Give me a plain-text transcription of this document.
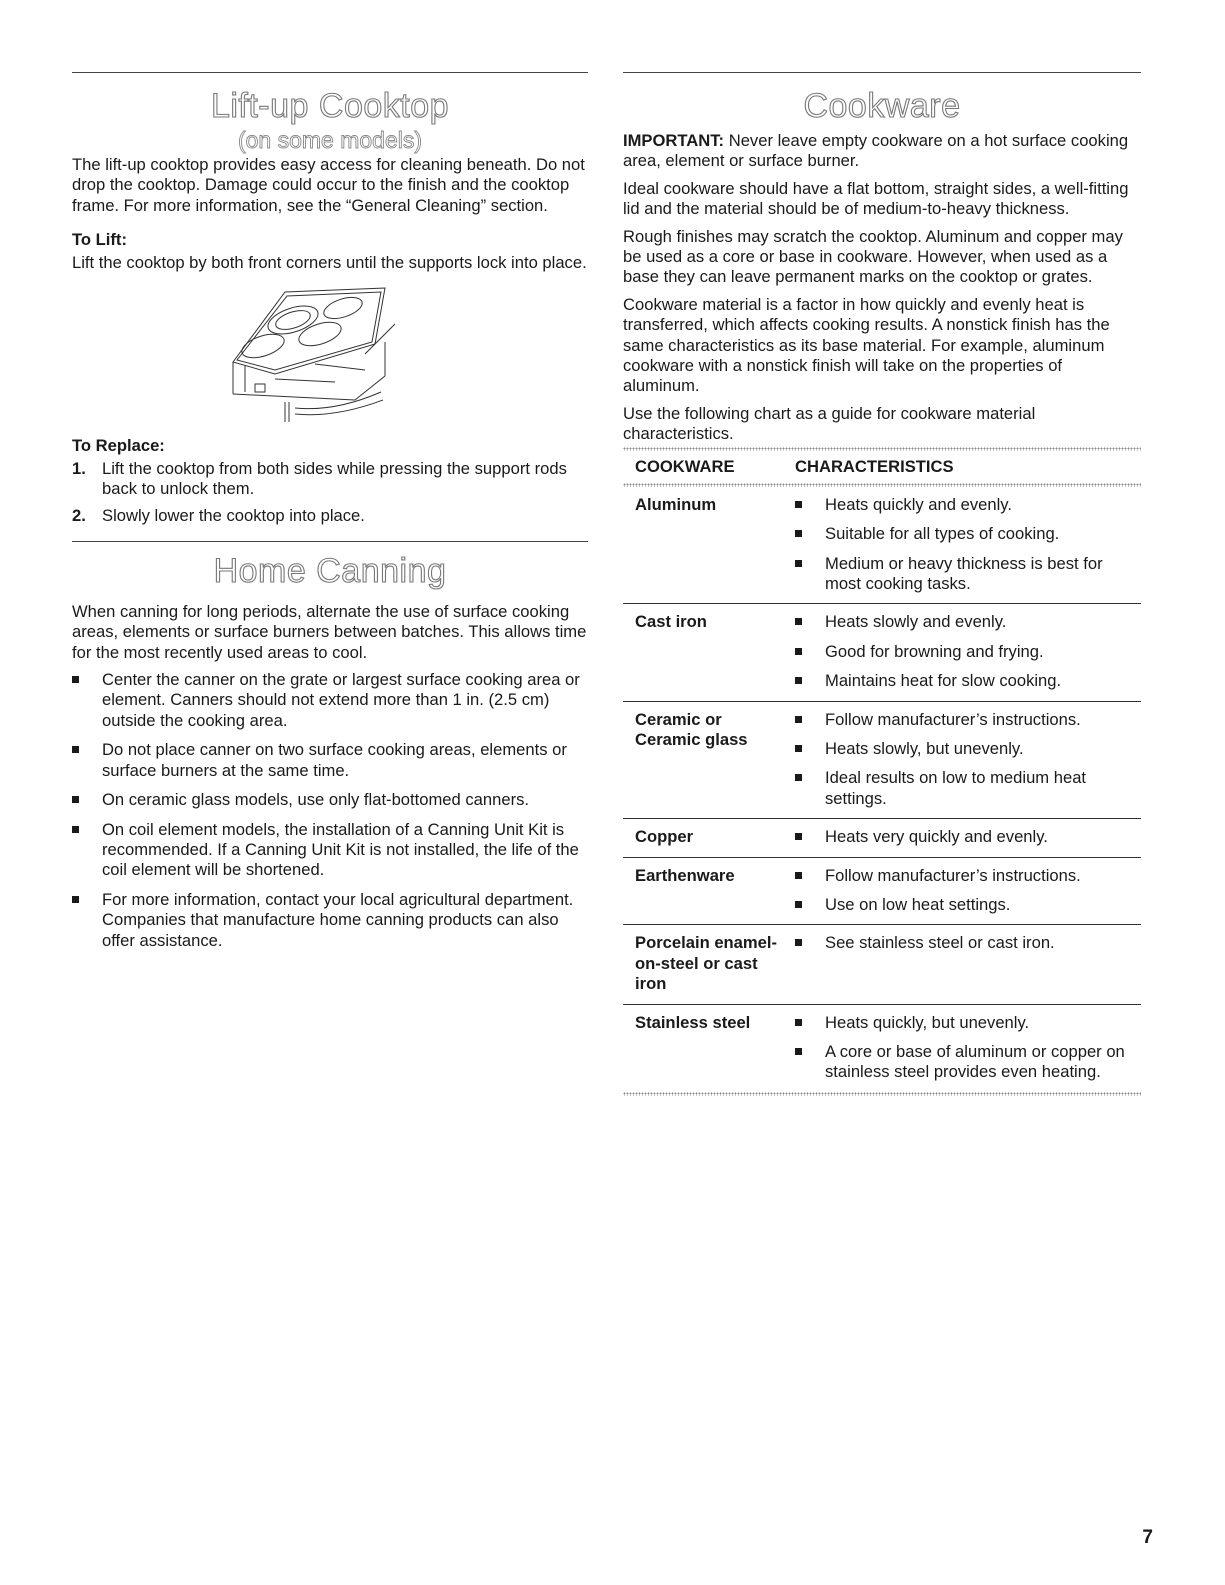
Lift-up Cooktop
(on some models)

The lift-up cooktop provides easy access for cleaning beneath. Do not drop the cooktop. Damage could occur to the finish and the cooktop frame. For more information, see the “General Cleaning” section.

To Lift:

Lift the cooktop by both front corners until the supports lock into place.

To Replace:
1. Lift the cooktop from both sides while pressing the support rods back to unlock them.
2. Slowly lower the cooktop into place.
Home Canning

When canning for long periods, alternate the use of surface cooking areas, elements or surface burners between batches. This allows time for the most recently used areas to cool.

Center the canner on the grate or largest surface cooking area or element. Canners should not extend more than 1 in. (2.5 cm) outside the cooking area.
Do not place canner on two surface cooking areas, elements or surface burners at the same time.
On ceramic glass models, use only flat-bottomed canners.
On coil element models, the installation of a Canning Unit Kit is recommended. If a Canning Unit Kit is not installed, the life of the coil element will be shortened.
For more information, contact your local agricultural department. Companies that manufacture home canning products can also offer assistance.
Cookware

IMPORTANT: Never leave empty cookware on a hot surface cooking area, element or surface burner.

Ideal cookware should have a flat bottom, straight sides, a well-fitting lid and the material should be of medium-to-heavy thickness.

Rough finishes may scratch the cooktop. Aluminum and copper may be used as a core or base in cookware. However, when used as a base they can leave permanent marks on the cooktop or grates.

Cookware material is a factor in how quickly and evenly heat is transferred, which affects cooking results. A nonstick finish has the same characteristics as its base material. For example, aluminum cookware with a nonstick finish will take on the properties of aluminum.

Use the following chart as a guide for cookware material characteristics.

COOKWARE	CHARACTERISTICS

Aluminum	Heats quickly and evenly.
Suitable for all types of cooking.
Medium or heavy thickness is best for most cooking tasks.

Cast iron	Heats slowly and evenly.
Good for browning and frying.
Maintains heat for slow cooking.

Ceramic or Ceramic glass	Follow manufacturer’s instructions.
Heats slowly, but unevenly.
Ideal results on low to medium heat settings.

Copper	Heats very quickly and evenly.

Earthenware	Follow manufacturer’s instructions.
Use on low heat settings.

Porcelain enamel-on-steel or cast iron	See stainless steel or cast iron.

Stainless steel	Heats quickly, but unevenly.
A core or base of aluminum or copper on stainless steel provides even heating.
7
